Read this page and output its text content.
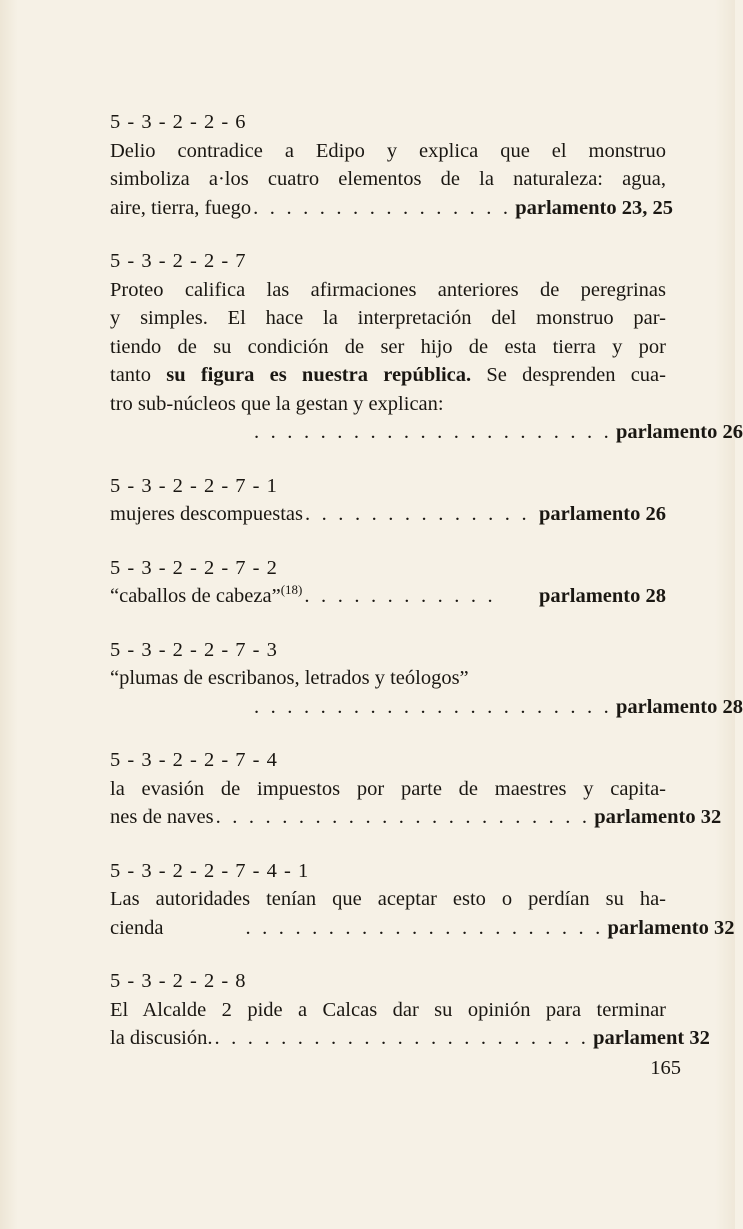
5 - 3 - 2 - 2 - 6
Delio contradice a Edipo y explica que el monstruo
simboliza a·los cuatro elementos de la naturaleza: agua,
aire, tierra, fuego . . . . . . . . . . . . . . . . parlamento 23, 25
5 - 3 - 2 - 2 - 7
Proteo califica las afirmaciones anteriores de peregrinas
y simples. El hace la interpretación del monstruo par-
tiendo de su condición de ser hijo de esta tierra y por
tanto su figura es nuestra república. Se desprenden cua-
tro sub-núcleos que la gestan y explican:
. . . . . . . . . . . . . . . . . . . . . . parlamento 26
5 - 3 - 2 - 2 - 7 - 1
mujeres descompuestas . . . . . . . . . . . . . . parlamento 26
5 - 3 - 2 - 2 - 7 - 2
“caballos de cabeza”$^{(18)}$ . . . . . . . . . . . .	parlamento 28
5 - 3 - 2 - 2 - 7 - 3
“plumas de escribanos, letrados y teólogos”
. . . . . . . . . . . . . . . . . . . . . . parlamento 28
5 - 3 - 2 - 2 - 7 - 4
la evasión de impuestos por parte de maestres y capita-
nes de naves . . . . . . . . . . . . . . . . . . . . . . . parlamento 32
5 - 3 - 2 - 2 - 7 - 4 - 1
Las autoridades tenían que aceptar esto o perdían su ha-
cienda	. . . . . . . . . . . . . . . . . . . . . . parlamento 32
5 - 3 - 2 - 2 - 8
El Alcalde 2 pide a Calcas dar su opinión para terminar
la discusión. . . . . . . . . . . . . . . . . . . . . . . . parlament 32
165
